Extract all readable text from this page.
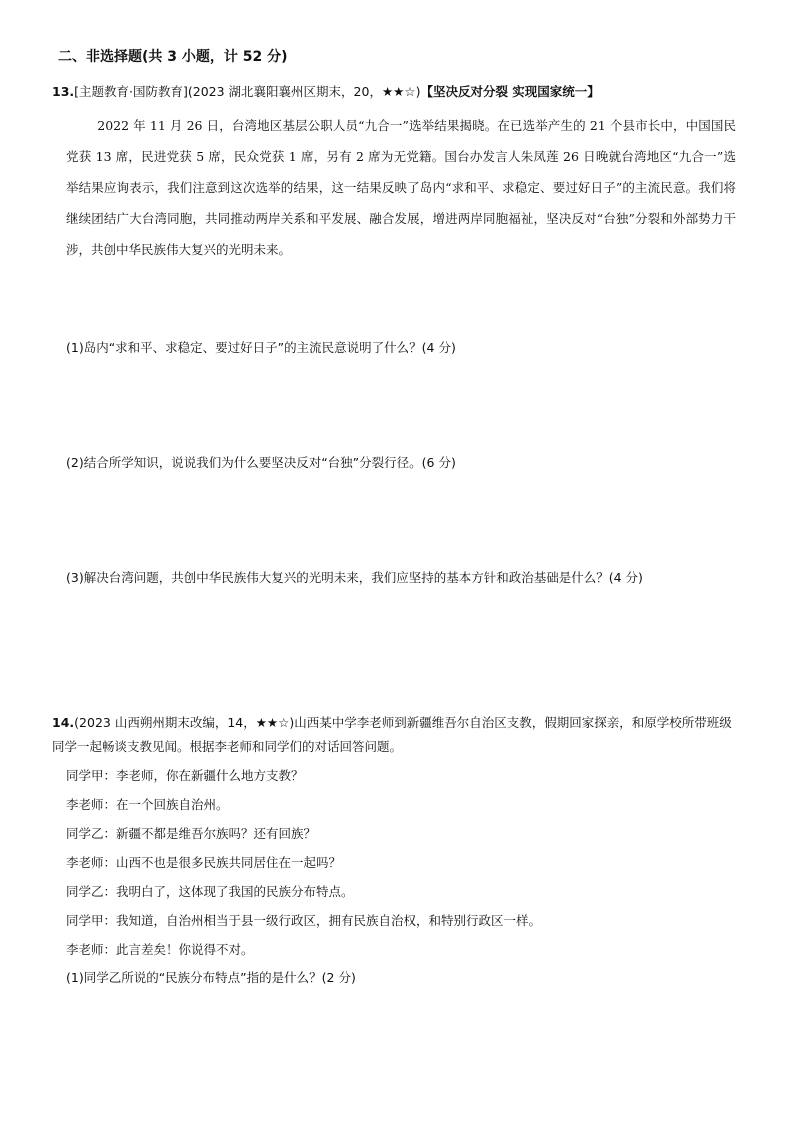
二、非选择题(共 3 小题，计 52 分)
13.[主题教育·国防教育](2023 湖北襄阳襄州区期末，20，★★☆)【坚决反对分裂 实现国家统一】

2022 年 11 月 26 日，台湾地区基层公职人员“九合一”选举结果揭晓。在已选举产生的 21 个县市长中，中国国民党获 13 席，民进党获 5 席，民众党获 1 席，另有 2 席为无党籍。国台办发言人朱凤莲 26 日晚就台湾地区“九合一”选举结果应询表示，我们注意到这次选举的结果，这一结果反映了岛内“求和平、求稳定、要过好日子”的主流民意。我们将继续团结广大台湾同胞，共同推动两岸关系和平发展、融合发展，增进两岸同胞福祉，坚决反对“台独”分裂和外部势力干涉，共创中华民族伟大复兴的光明未来。

(1)岛内“求和平、求稳定、要过好日子”的主流民意说明了什么？(4 分)
(2)结合所学知识，说说我们为什么要坚决反对“台独”分裂行径。(6 分)
(3)解决台湾问题，共创中华民族伟大复兴的光明未来，我们应坚持的基本方针和政治基础是什么？(4 分)

14.(2023 山西朔州期末改编，14，★★☆)山西某中学李老师到新疆维吾尔自治区支教，假期回家探亲，和原学校所带班级同学一起畅谈支教见闻。根据李老师和同学们的对话回答问题。

同学甲：李老师，你在新疆什么地方支教？
李老师：在一个回族自治州。
同学乙：新疆不都是维吾尔族吗？还有回族？
李老师：山西不也是很多民族共同居住在一起吗？
同学乙：我明白了，这体现了我国的民族分布特点。
同学甲：我知道，自治州相当于县一级行政区，拥有民族自治权，和特别行政区一样。
李老师：此言差矣！你说得不对。
(1)同学乙所说的“民族分布特点”指的是什么？(2 分)
